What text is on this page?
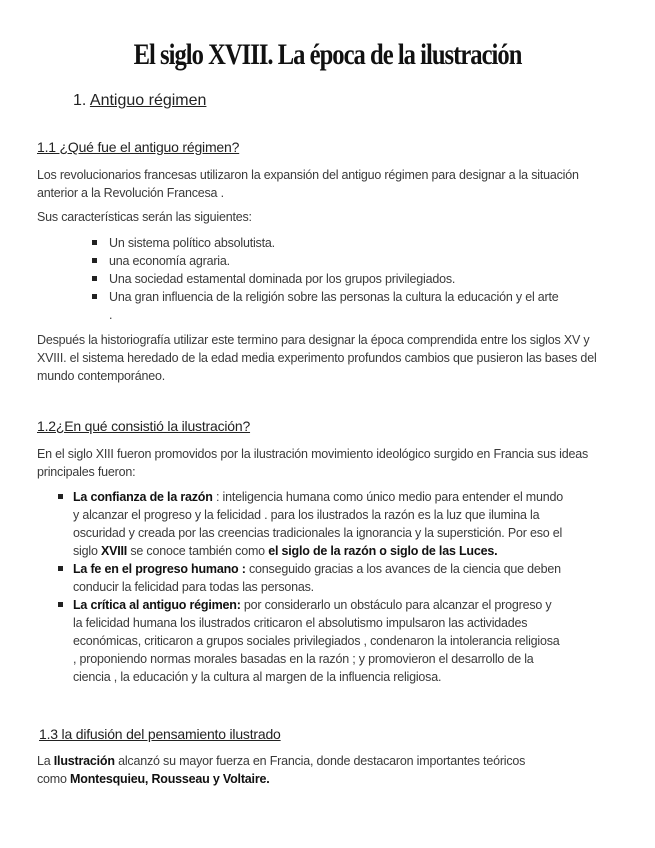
El siglo XVIII. La época de la ilustración

1. Antiguo régimen

1.1 ¿Qué fue el antiguo régimen?

Los revolucionarios francesas utilizaron la expansión del antiguo régimen para designar a la situación anterior a la Revolución Francesa .

Sus características serán las siguientes:

Un sistema político absolutista.
una economía agraria.
Una sociedad estamental dominada por los grupos privilegiados.
Una gran influencia de la religión sobre las personas la cultura la educación y el arte .

Después la historiografía utilizar este termino para designar la época comprendida entre los siglos XV y XVIII. el sistema heredado de la edad media experimento profundos cambios que pusieron las bases del mundo contemporáneo.

1.2¿En qué consistió la ilustración?

En el siglo XIII fueron promovidos por la ilustración movimiento ideológico surgido en Francia sus ideas principales fueron:

La confianza de la razón : inteligencia humana como único medio para entender el mundo y alcanzar el progreso y la felicidad . para los ilustrados la razón es la luz que ilumina la oscuridad y creada por las creencias tradicionales la ignorancia y la superstición. Por eso el siglo XVIII se conoce también como el siglo de la razón o siglo de las Luces.
La fe en el progreso humano : conseguido gracias a los avances de la ciencia que deben conducir la felicidad para todas las personas.
La crítica al antiguo régimen: por considerarlo un obstáculo para alcanzar el progreso y la felicidad humana los ilustrados criticaron el absolutismo impulsaron las actividades económicas, criticaron a grupos sociales privilegiados , condenaron la intolerancia religiosa , proponiendo normas morales basadas en la razón ; y promovieron el desarrollo de la ciencia , la educación y la cultura al margen de la influencia religiosa.

1.3 la difusión del pensamiento ilustrado

La Ilustración alcanzó su mayor fuerza en Francia, donde destacaron importantes teóricos como Montesquieu, Rousseau y Voltaire.
